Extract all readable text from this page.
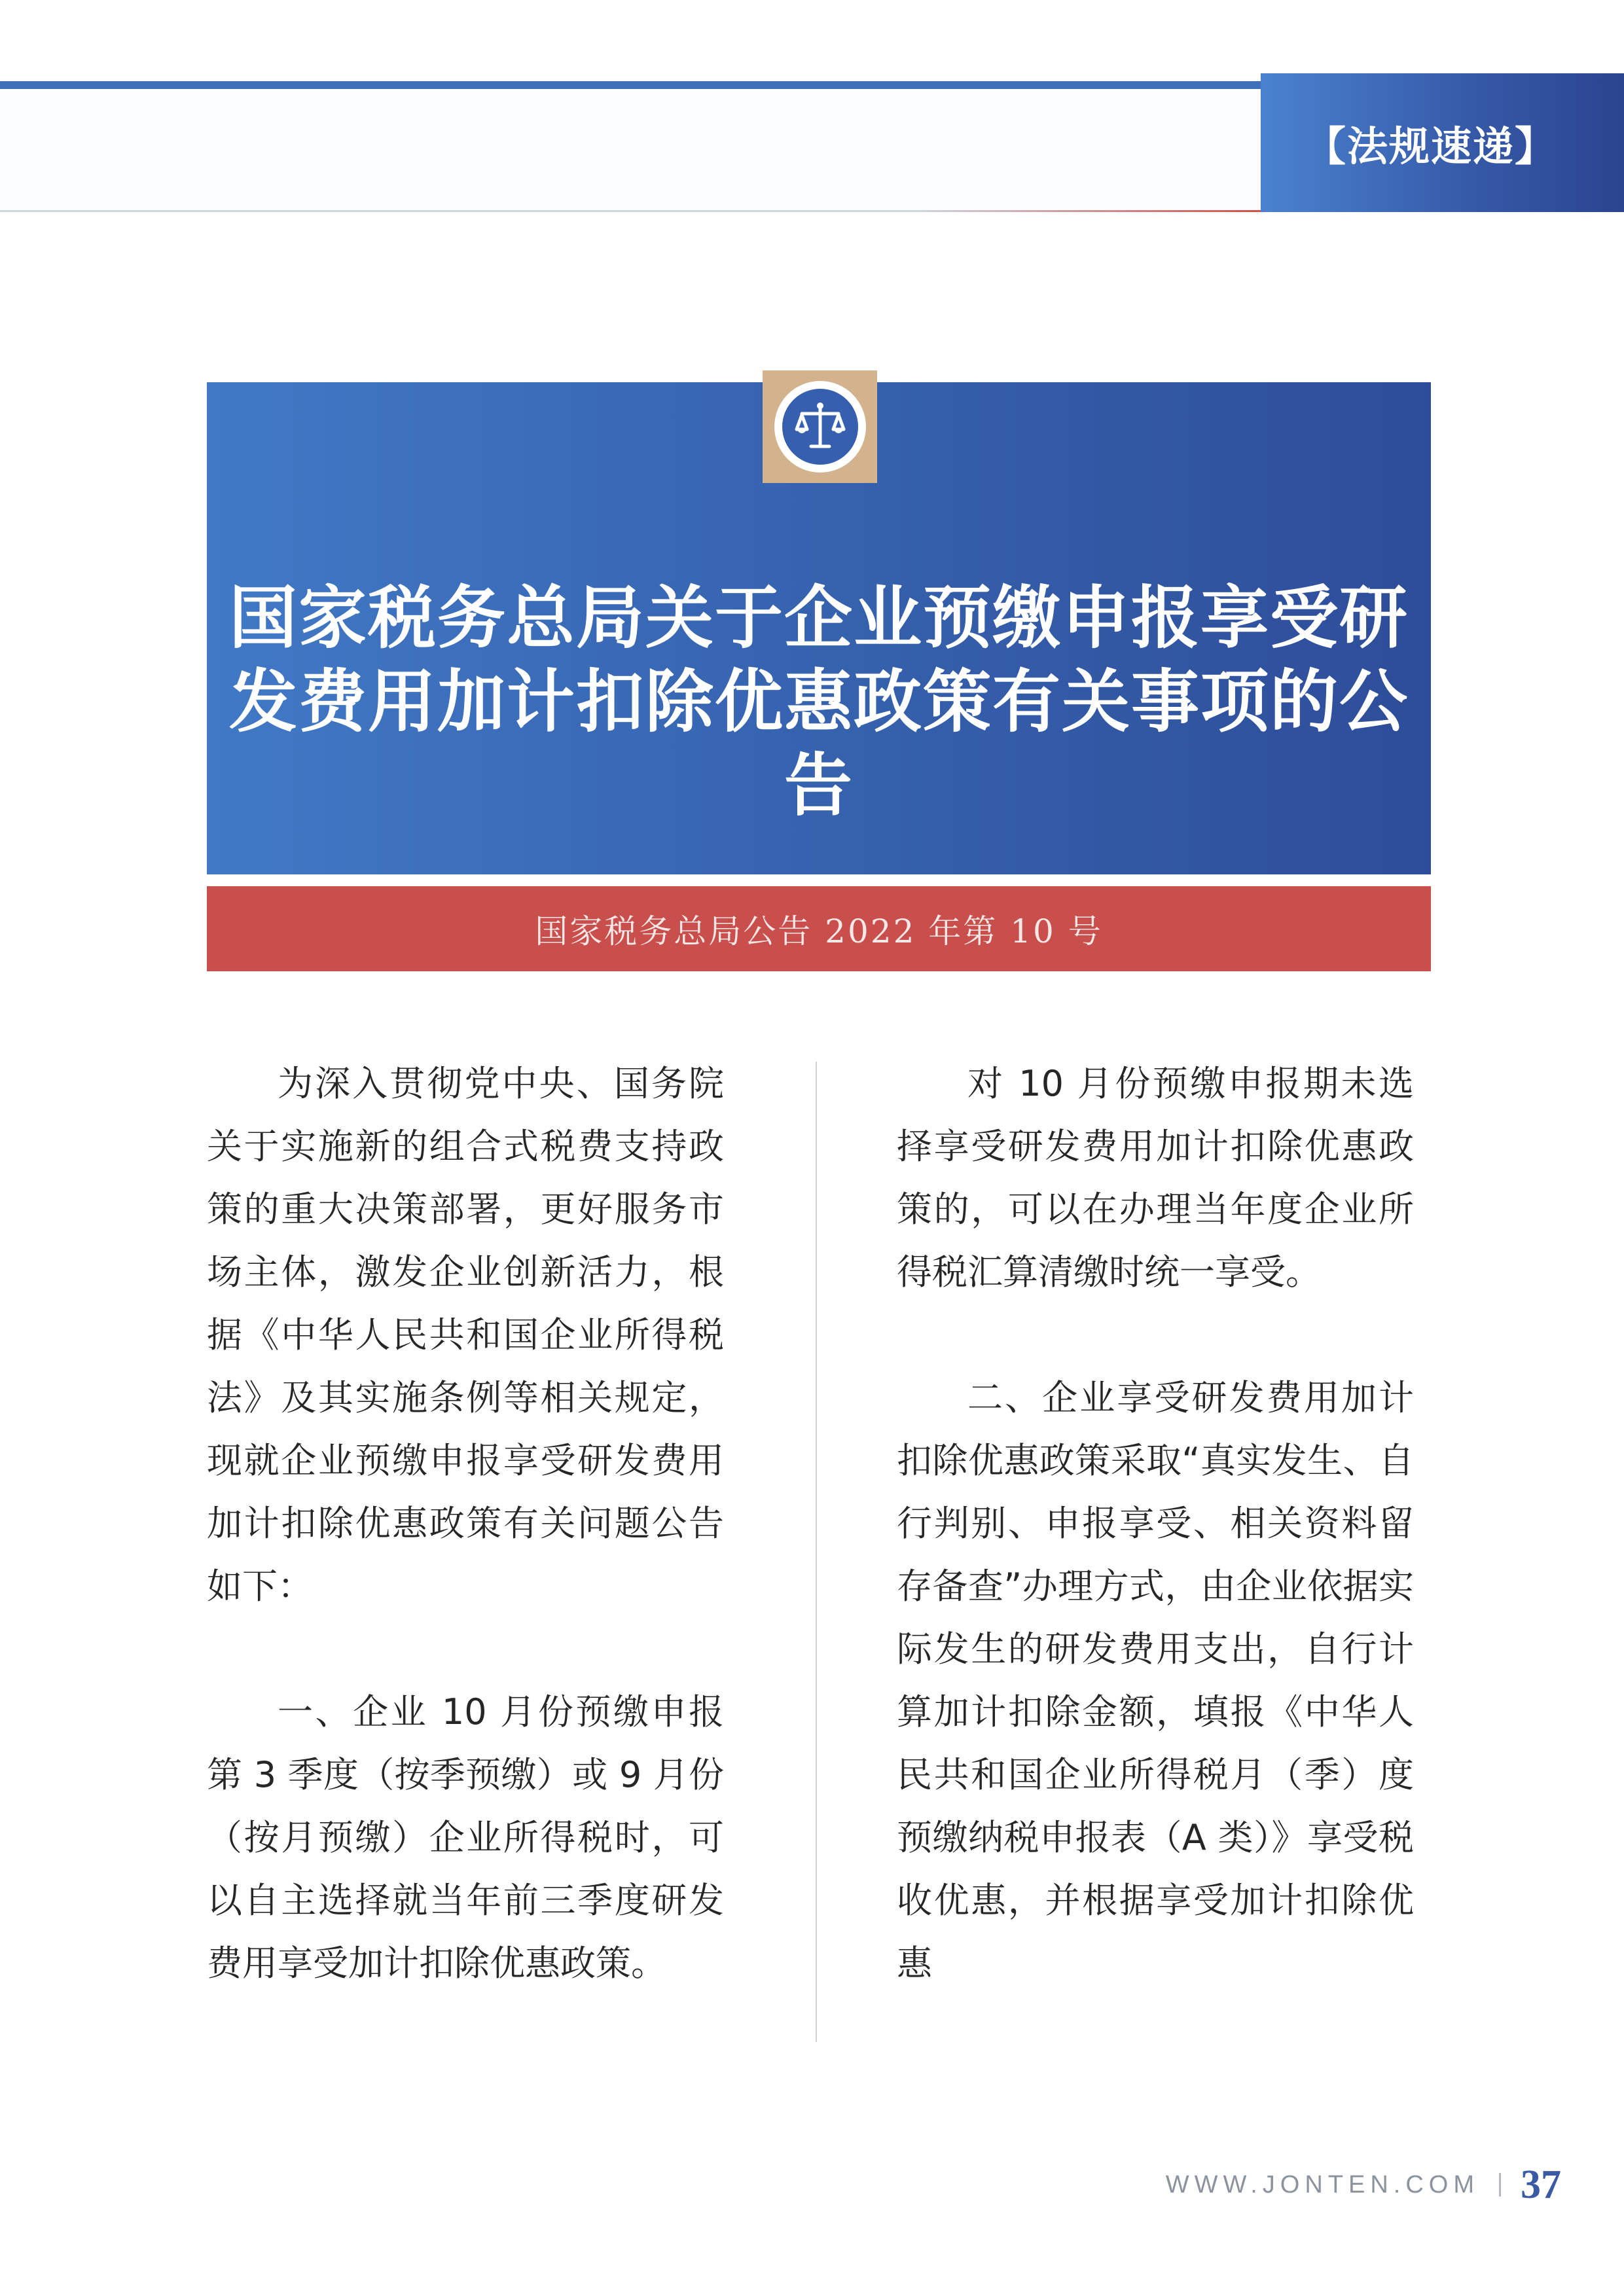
【法规速递】
国家税务总局关于企业预缴申报享受研发费用加计扣除优惠政策有关事项的公告
国家税务总局公告 2022 年第 10 号

为深入贯彻党中央、国务院关于实施新的组合式税费支持政策的重大决策部署，更好服务市场主体，激发企业创新活力，根据《中华人民共和国企业所得税法》及其实施条例等相关规定，现就企业预缴申报享受研发费用加计扣除优惠政策有关问题公告如下：

一、企业 10 月份预缴申报第 3 季度（按季预缴）或 9 月份（按月预缴）企业所得税时，可以自主选择就当年前三季度研发费用享受加计扣除优惠政策。

对 10 月份预缴申报期未选择享受研发费用加计扣除优惠政策的，可以在办理当年度企业所得税汇算清缴时统一享受。

二、企业享受研发费用加计扣除优惠政策采取“真实发生、自行判别、申报享受、相关资料留存备查”办理方式，由企业依据实际发生的研发费用支出，自行计算加计扣除金额，填报《中华人民共和国企业所得税月（季）度预缴纳税申报表（A 类）》享受税收优惠，并根据享受加计扣除优惠

WWW.JONTEN.COM 37
